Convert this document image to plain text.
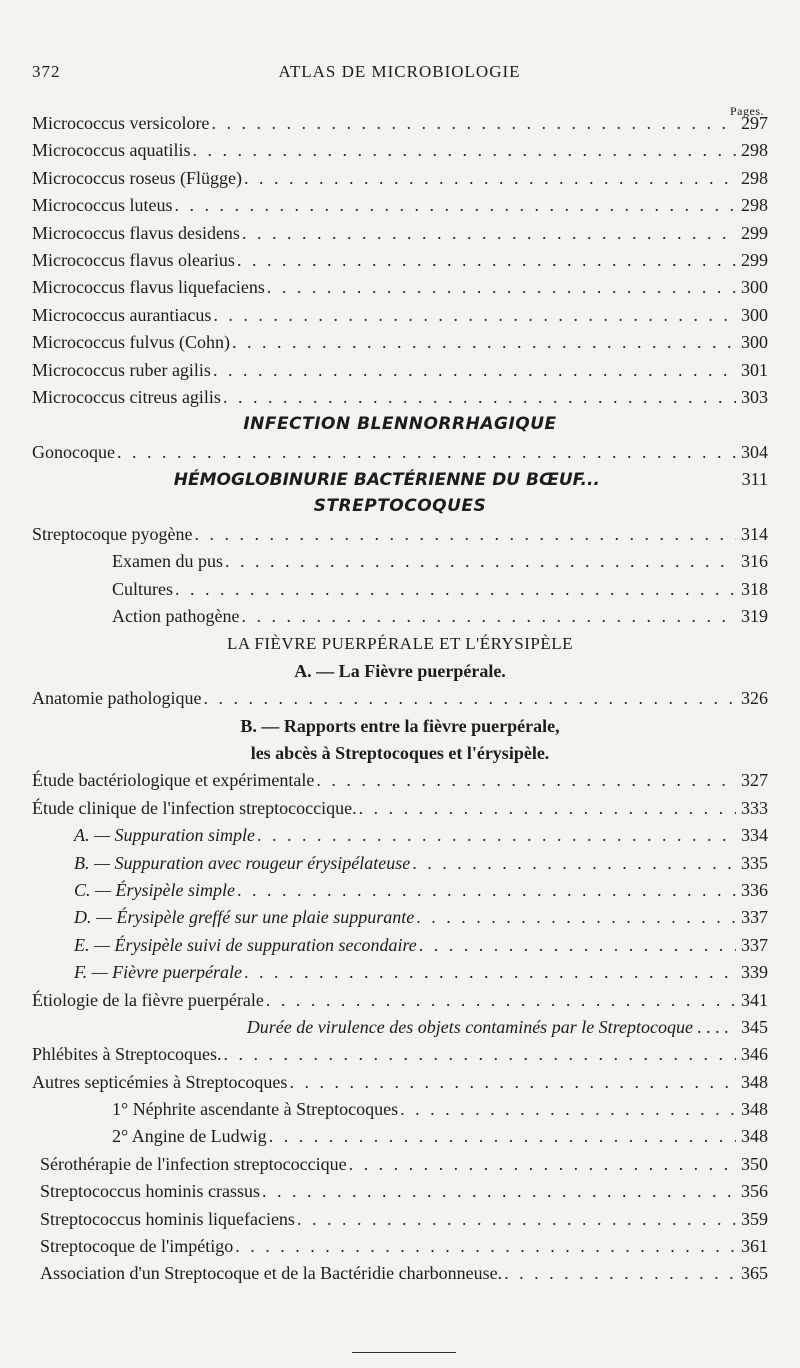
372	ATLAS DE MICROBIOLOGIE
Pages.
Micrococcus versicolore . . .	297
Micrococcus aquatilis . . .	298
Micrococcus roseus (Flügge) . . .	298
Micrococcus luteus . . .	298
Micrococcus flavus desidens . . .	299
Micrococcus flavus olearius . . .	299
Micrococcus flavus liquefaciens . . .	300
Micrococcus aurantiacus . . .	300
Micrococcus fulvus (Cohn) . . .	300
Micrococcus ruber agilis . . .	301
Micrococcus citreus agilis . . .	303
INFECTION BLENNORRHAGIQUE
Gonocoque . . .	304
HÉMOGLOBINURIE BACTÉRIENNE DU BŒUF...	311
STREPTOCOQUES
Streptocoque pyogène . . .	314
Examen du pus . . .	316
Cultures . . .	318
Action pathogène . . .	319
LA FIÈVRE PUERPÉRALE ET L'ÉRYSIPÈLE
A. — La Fièvre puerpérale.
Anatomie pathologique . . .	326
B. — Rapports entre la fièvre puerpérale,
les abcès à Streptocoques et l'érysipèle.
Étude bactériologique et expérimentale . . .	327
Étude clinique de l'infection streptococcique. . . .	333
A. — Suppuration simple . . .	334
B. — Suppuration avec rougeur érysipélateuse . . .	335
C. — Érysipèle simple . . .	336
D. — Érysipèle greffé sur une plaie suppurante . . .	337
E. — Érysipèle suivi de suppuration secondaire . . .	337
F. — Fièvre puerpérale . . .	339
Étiologie de la fièvre puerpérale . . .	341
Durée de virulence des objets contaminés par le Streptocoque . . . . 345
Phlébites à Streptocoques. . . .	346
Autres septicémies à Streptocoques . . .	348
1° Néphrite ascendante à Streptocoques . . .	348
2° Angine de Ludwig . . .	348
Sérothérapie de l'infection streptococcique . . .	350
Streptococcus hominis crassus . . .	356
Streptococcus hominis liquefaciens . . .	359
Streptocoque de l'impétigo . . .	361
Association d'un Streptocoque et de la Bactéridie charbonneuse. . . .	365
